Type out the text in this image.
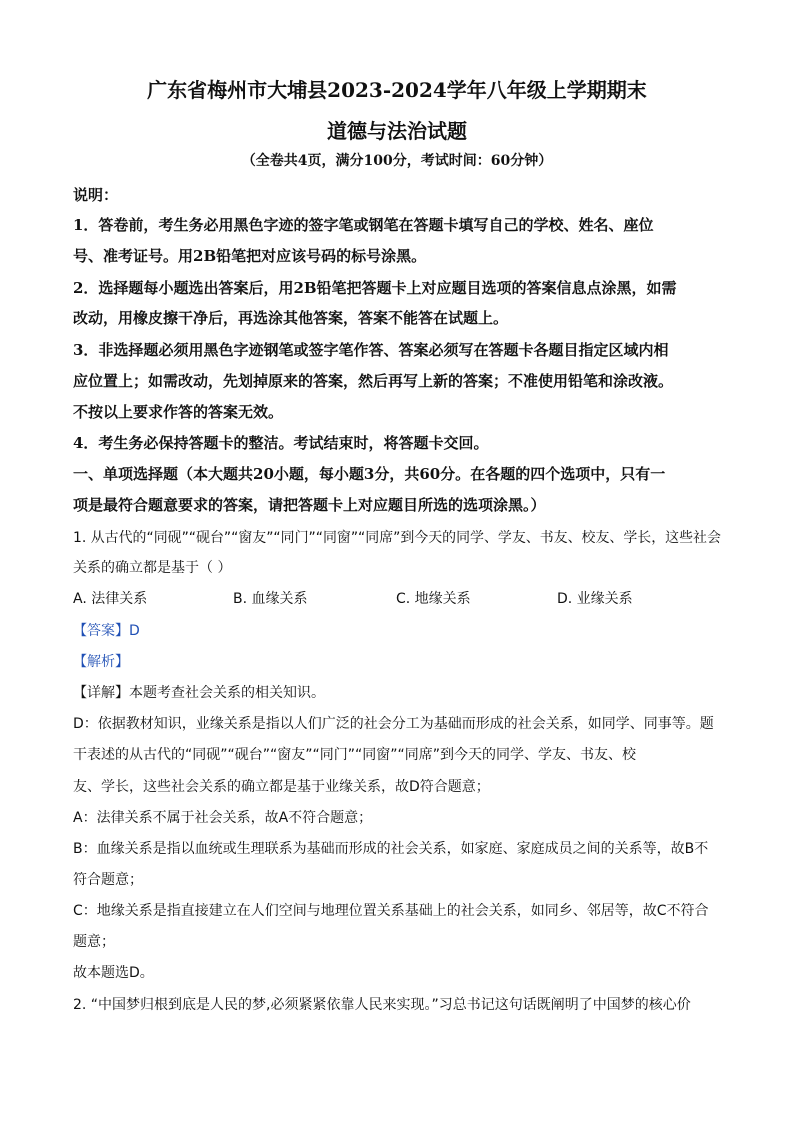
广东省梅州市大埔县2023-2024学年八年级上学期期末
道德与法治试题
（全卷共4页，满分100分，考试时间：60分钟）
说明：
1．答卷前，考生务必用黑色字迹的签字笔或钢笔在答题卡填写自己的学校、姓名、座位
号、准考证号。用2B铅笔把对应该号码的标号涂黑。
2．选择题每小题选出答案后，用2B铅笔把答题卡上对应题目选项的答案信息点涂黑，如需
改动，用橡皮擦干净后，再选涂其他答案，答案不能答在试题上。
3．非选择题必须用黑色字迹钢笔或签字笔作答、答案必须写在答题卡各题目指定区域内相
应位置上；如需改动，先划掉原来的答案，然后再写上新的答案；不准使用铅笔和涂改液。
不按以上要求作答的答案无效。
4．考生务必保持答题卡的整洁。考试结束时，将答题卡交回。
一、单项选择题（本大题共20小题，每小题3分，共60分。在各题的四个选项中，只有一
项是最符合题意要求的答案，请把答题卡上对应题目所选的选项涂黑。）
1. 从古代的“同砚”“砚台”“窗友”“同门”“同窗”“同席”到今天的同学、学友、书友、校友、学长，这些社会
关系的确立都是基于（ ）
A. 法律关系	B. 血缘关系	C. 地缘关系	D. 业缘关系
【答案】D
【解析】
【详解】本题考查社会关系的相关知识。
D：依据教材知识，业缘关系是指以人们广泛的社会分工为基础而形成的社会关系，如同学、同事等。题
干表述的从古代的“同砚”“砚台”“窗友”“同门”“同窗”“同席”到今天的同学、学友、书友、校
友、学长，这些社会关系的确立都是基于业缘关系，故D符合题意；
A：法律关系不属于社会关系，故A不符合题意；
B：血缘关系是指以血统或生理联系为基础而形成的社会关系，如家庭、家庭成员之间的关系等，故B不
符合题意；
C：地缘关系是指直接建立在人们空间与地理位置关系基础上的社会关系，如同乡、邻居等，故C不符合
题意；
故本题选D。
2. “中国梦归根到底是人民的梦,必须紧紧依靠人民来实现。”习总书记这句话既阐明了中国梦的核心价
